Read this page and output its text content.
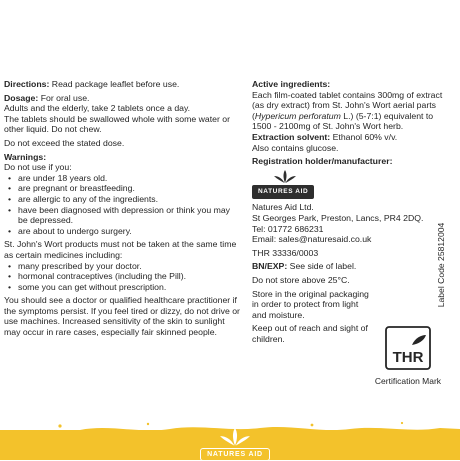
Directions: Read package leaflet before use.

Dosage: For oral use.

Adults and the elderly, take 2 tablets once a day.

The tablets should be swallowed whole with some water or other liquid. Do not chew.

Do not exceed the stated dose.

Warnings:

Do not use if you:

• are under 18 years old.
• are pregnant or breastfeeding.
• are allergic to any of the ingredients.
• have been diagnosed with depression or think you may be depressed.
• are about to undergo surgery.

St. John's Wort products must not be taken at the same time as certain medicines including:

• many prescribed by your doctor.
• hormonal contraceptives (including the Pill).
• some you can get without prescription.

You should see a doctor or qualified healthcare practitioner if the symptoms persist. If you feel tired or dizzy, do not drive or use machines. Increased sensitivity of the skin to sunlight may occur in rare cases, especially fair skinned people.

Active ingredients:

Each film-coated tablet contains 300mg of extract (as dry extract) from St. John's Wort aerial parts (Hypericum perforatum L.) (5-7:1) equivalent to 1500 - 2100mg of St. John's Wort herb.

Extraction solvent: Ethanol 60% v/v.

Also contains glucose.

Registration holder/manufacturer:

NATURES AID

Natures Aid Ltd.

St Georges Park, Preston, Lancs, PR4 2DQ.

Tel: 01772 686231

Email: sales@naturesaid.co.uk

THR 33336/0003

BN/EXP: See side of label.

Do not store above 25°C.

Store in the original packaging in order to protect from light and moisture.

Keep out of reach and sight of children.

THR
Certification Mark
Label Code 25812004
NATURES AID
